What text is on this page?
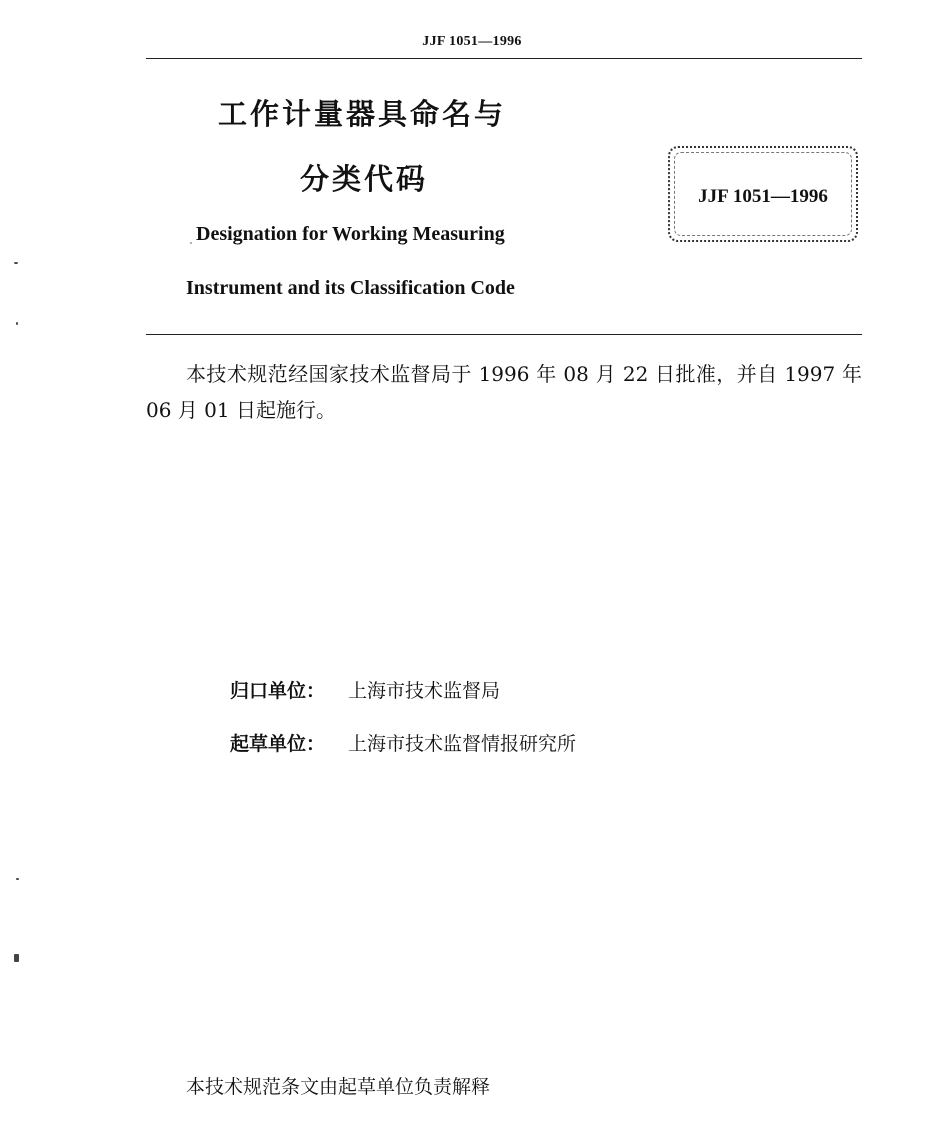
JJF 1051—1996
工作计量器具命名与
分类代码
JJF 1051—1996
Designation for Working Measuring
Instrument and its Classification Code
本技术规范经国家技术监督局于 1996 年 08 月 22 日批准，并自 1997 年 06 月 01 日起施行。
归口单位： 上海市技术监督局
起草单位： 上海市技术监督情报研究所
本技术规范条文由起草单位负责解释
